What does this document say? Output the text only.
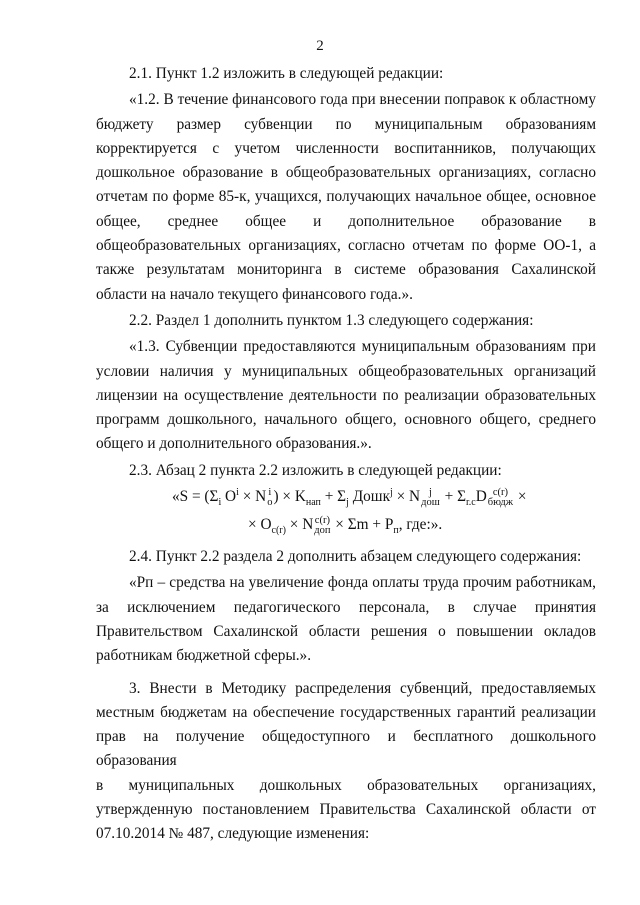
2

2.1. Пункт 1.2 изложить в следующей редакции:

«1.2. В течение финансового года при внесении поправок к областному бюджету размер субвенции по муниципальным образованиям корректируется с учетом численности воспитанников, получающих дошкольное образование в общеобразовательных организациях, согласно отчетам по форме 85-к, учащихся, получающих начальное общее, основное общее, среднее общее и дополнительное образование в общеобразовательных организациях, согласно отчетам по форме ОО-1, а также результатам мониторинга в системе образования Сахалинской области на начало текущего финансового года.».

2.2. Раздел 1 дополнить пунктом 1.3 следующего содержания:

«1.3. Субвенции предоставляются муниципальным образованиям при условии наличия у муниципальных общеобразовательных организаций лицензии на осуществление деятельности по реализации образовательных программ дошкольного, начального общего, основного общего, среднего общего и дополнительного образования.».

2.3. Абзац 2 пункта 2.2 изложить в следующей редакции:

«$S = (\Sigma_i$ $O^i \times N$ i
о ) × $K_{нап} + \Sigma_j$ Дошк$^j$ × N j
дош + $\Sigma_{r.c}D$ c(r)
бюдж ×
× $O_{c(r)} \times N$ c(r)
доп × $\Sigma m + P_п$, где:».

2.4. Пункт 2.2 раздела 2 дополнить абзацем следующего содержания:

«Pп – средства на увеличение фонда оплаты труда прочим работникам,

за исключением педагогического персонала, в случае принятия

Правительством Сахалинской области решения о повышении окладов работникам бюджетной сферы.».

3. Внести в Методику распределения субвенций, предоставляемых местным бюджетам на обеспечение государственных гарантий реализации прав на получение общедоступного и бесплатного дошкольного образования

в муниципальных дошкольных образовательных организациях,

утвержденную постановлением Правительства Сахалинской области от 07.10.2014 № 487, следующие изменения:
